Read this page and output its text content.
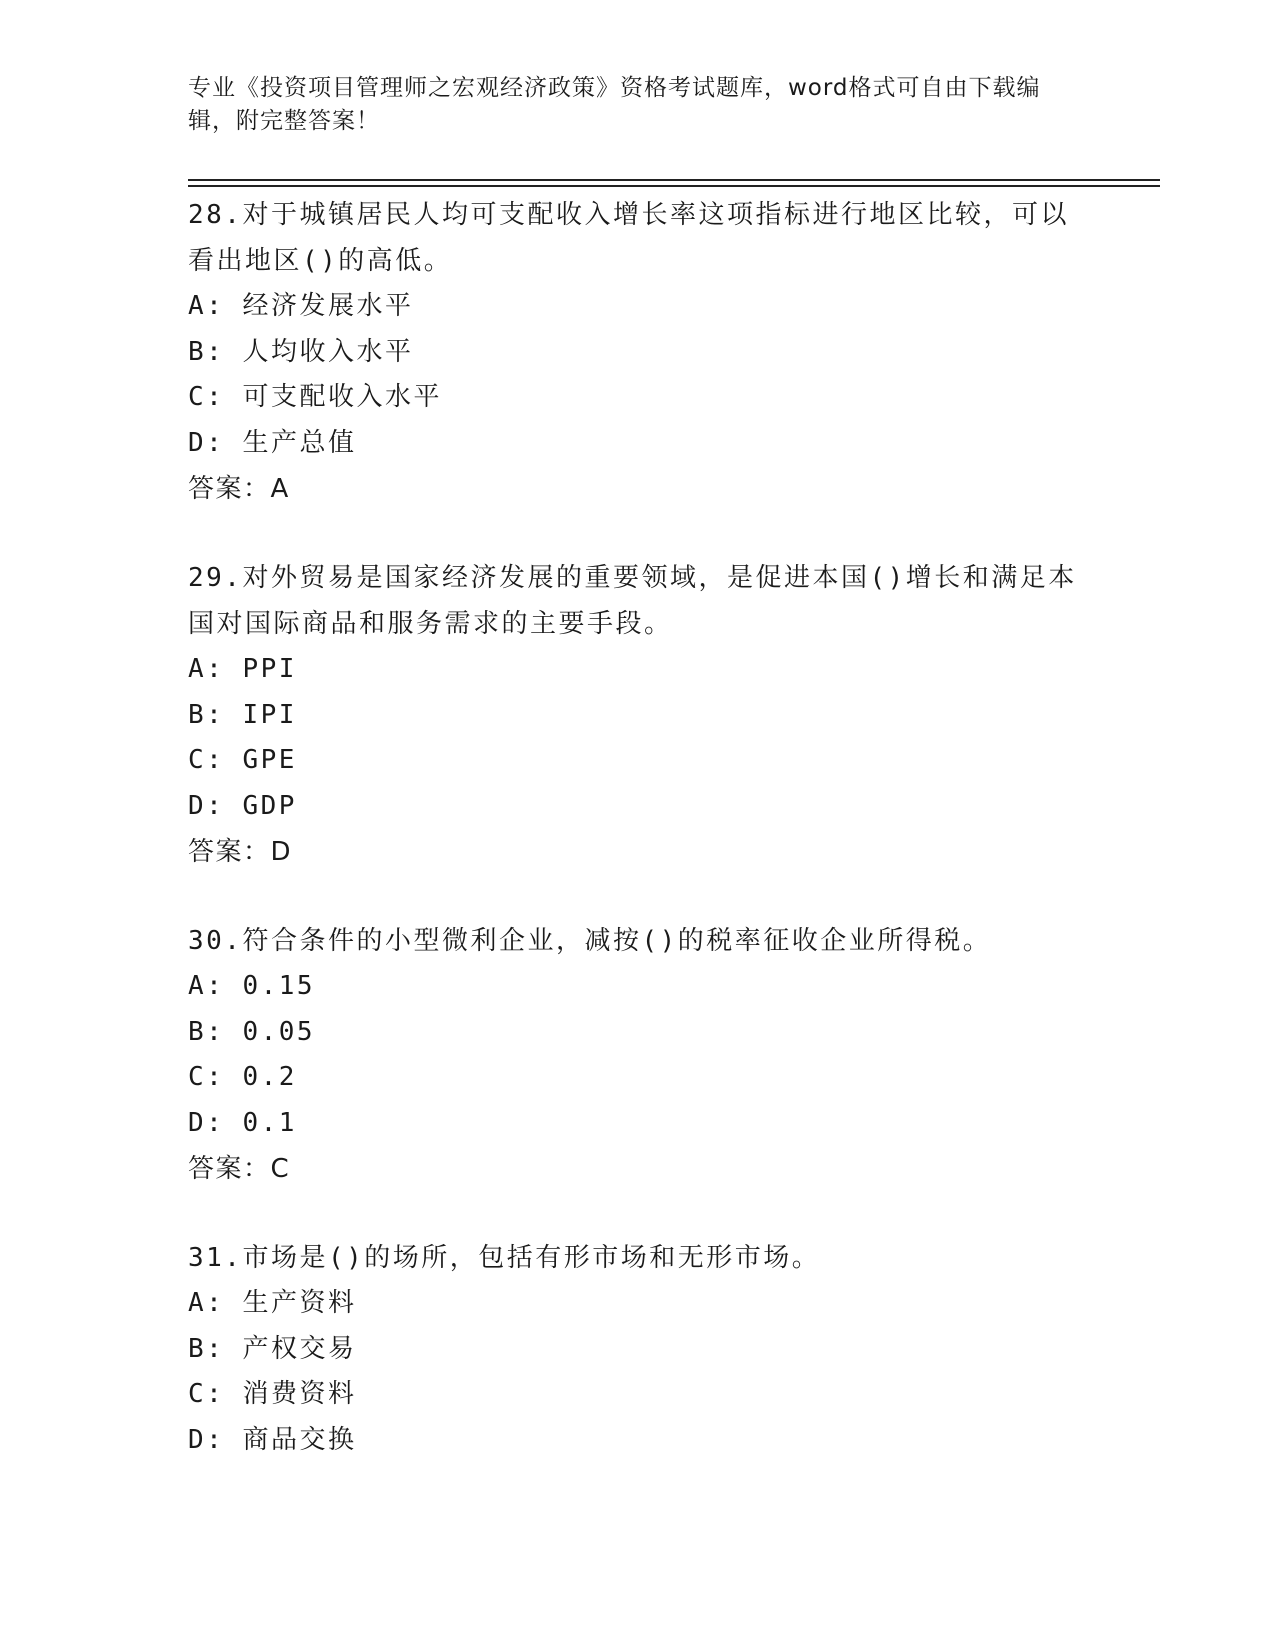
专业《投资项目管理师之宏观经济政策》资格考试题库，word格式可自由下载编辑，附完整答案！

28.对于城镇居民人均可支配收入增长率这项指标进行地区比较，可以看出地区()的高低。

A: 经济发展水平

B: 人均收入水平

C: 可支配收入水平

D: 生产总值

答案：A

29.对外贸易是国家经济发展的重要领域，是促进本国()增长和满足本国对国际商品和服务需求的主要手段。

A: PPI

B: IPI

C: GPE

D: GDP

答案：D

30.符合条件的小型微利企业，减按()的税率征收企业所得税。

A: 0.15

B: 0.05

C: 0.2

D: 0.1

答案：C

31.市场是()的场所，包括有形市场和无形市场。

A: 生产资料

B: 产权交易

C: 消费资料

D: 商品交换
